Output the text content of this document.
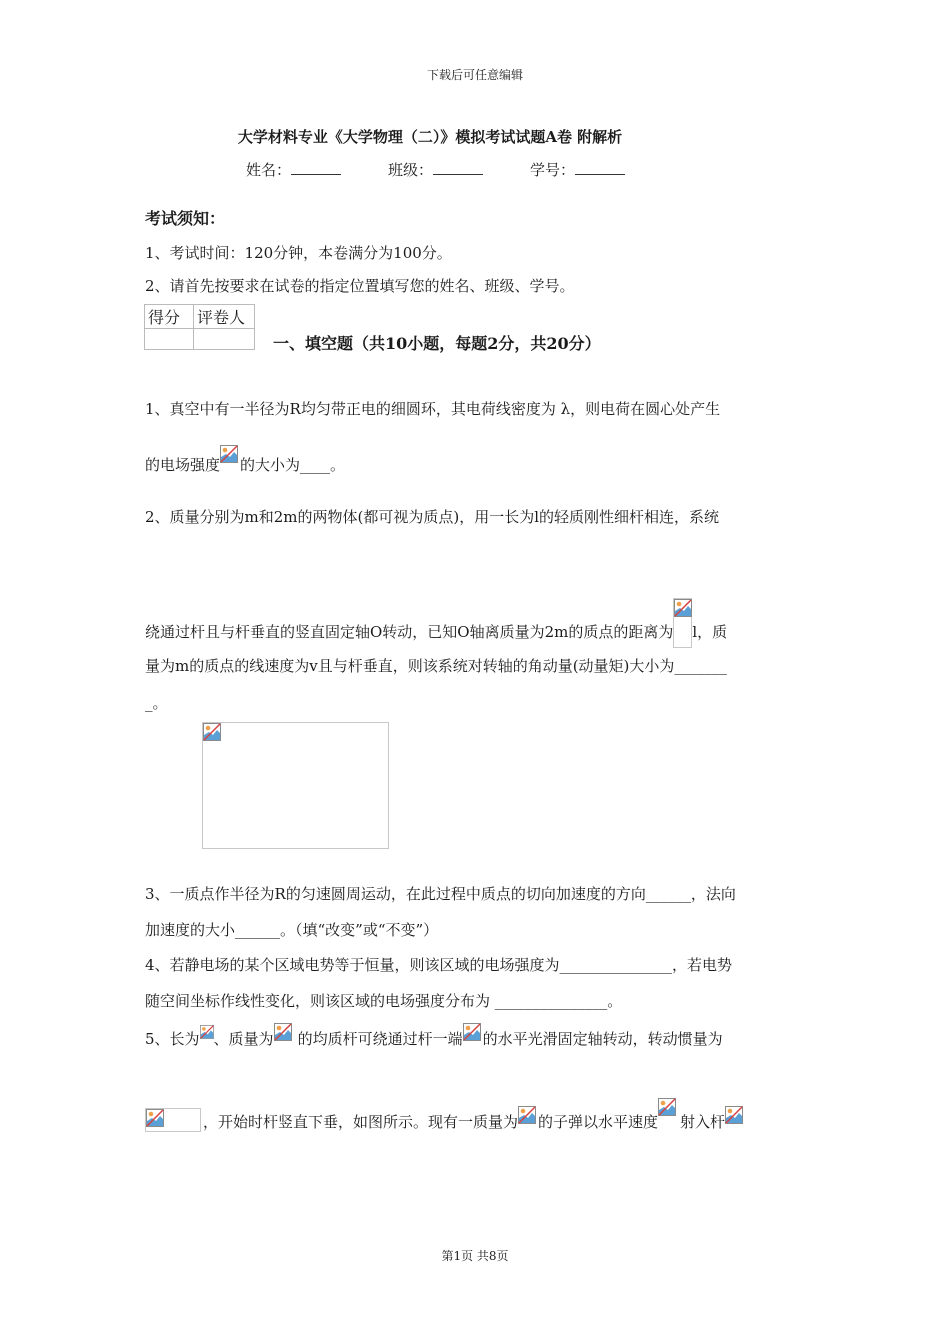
下载后可任意编辑
大学材料专业《大学物理（二）》模拟考试试题A卷 附解析
姓名：	班级：	学号：
考试须知：
1、考试时间：120分钟，本卷满分为100分。
2、请首先按要求在试卷的指定位置填写您的姓名、班级、学号。
得分	评卷人

一、填空题（共10小题，每题2分，共20分）
1、真空中有一半径为R均匀带正电的细圆环，其电荷线密度为 λ，则电荷在圆心处产生
的电场强度 的大小为____。
2、质量分别为m和2m的两物体(都可视为质点)，用一长为l的轻质刚性细杆相连，系统
绕通过杆且与杆垂直的竖直固定轴O转动，已知O轴离质量为2m的质点的距离为 l，质
量为m的质点的线速度为v且与杆垂直，则该系统对转轴的角动量(动量矩)大小为_______
_。
3、一质点作半径为R的匀速圆周运动，在此过程中质点的切向加速度的方向______，法向
加速度的大小______。（填“改变”或“不变”）
4、若静电场的某个区域电势等于恒量，则该区域的电场强度为_______________，若电势
随空间坐标作线性变化，则该区域的电场强度分布为 _______________。
5、长为 、质量为 的均质杆可绕通过杆一端 的水平光滑固定轴转动，转动惯量为
，开始时杆竖直下垂，如图所示。现有一质量为 的子弹以水平速度 射入杆
第1页 共8页
